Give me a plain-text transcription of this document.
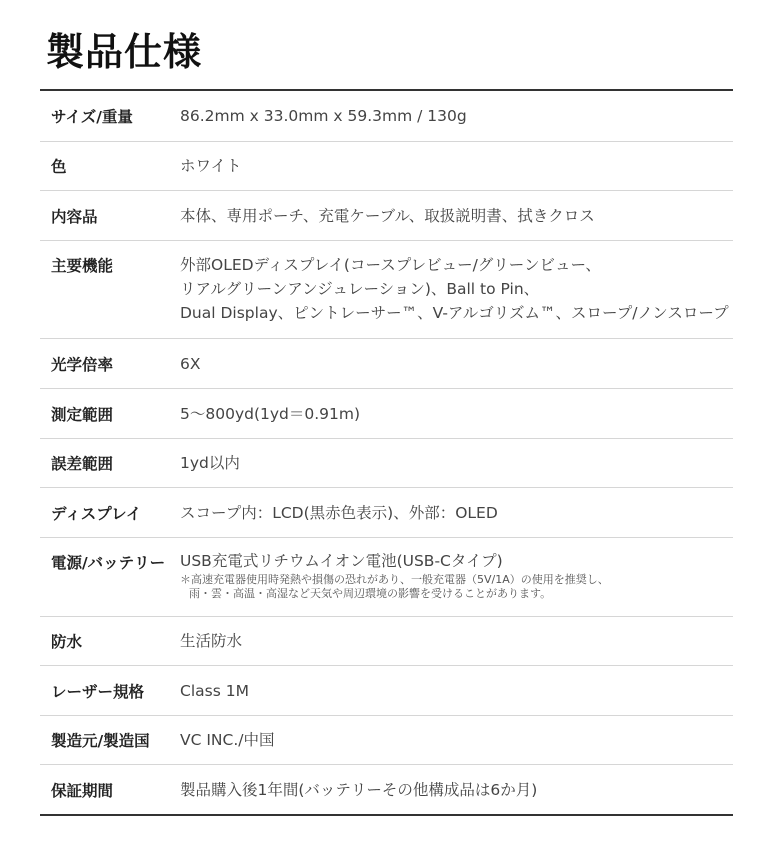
製品仕様
サイズ/重量	86.2mm x 33.0mm x 59.3mm / 130g
色	ホワイト
内容品	本体、専用ポーチ、充電ケーブル、取扱説明書、拭きクロス
主要機能	外部OLEDディスプレイ(コースプレビュー/グリーンビュー、
リアルグリーンアンジュレーション)、Ball to Pin、
Dual Display、ピントレーサー™、V-アルゴリズム™、スロープ/ノンスロープ
光学倍率	6X
測定範囲	5～800yd(1yd＝0.91m)
誤差範囲	1yd以内
ディスプレイ	スコープ内：LCD(黒赤色表示)、外部：OLED
電源/バッテリー USB充電式リチウムイオン電池(USB-Cタイプ)
＊高速充電器使用時発熱や損傷の恐れがあり、一般充電器（5V/1A）の使用を推奨し、
雨・雲・高温・高湿など天気や周辺環境の影響を受けることがあります。
防水	生活防水
レーザー規格	Class 1M
製造元/製造国	VC INC./中国
保証期間	製品購入後1年間(バッテリーその他構成品は6か月)
